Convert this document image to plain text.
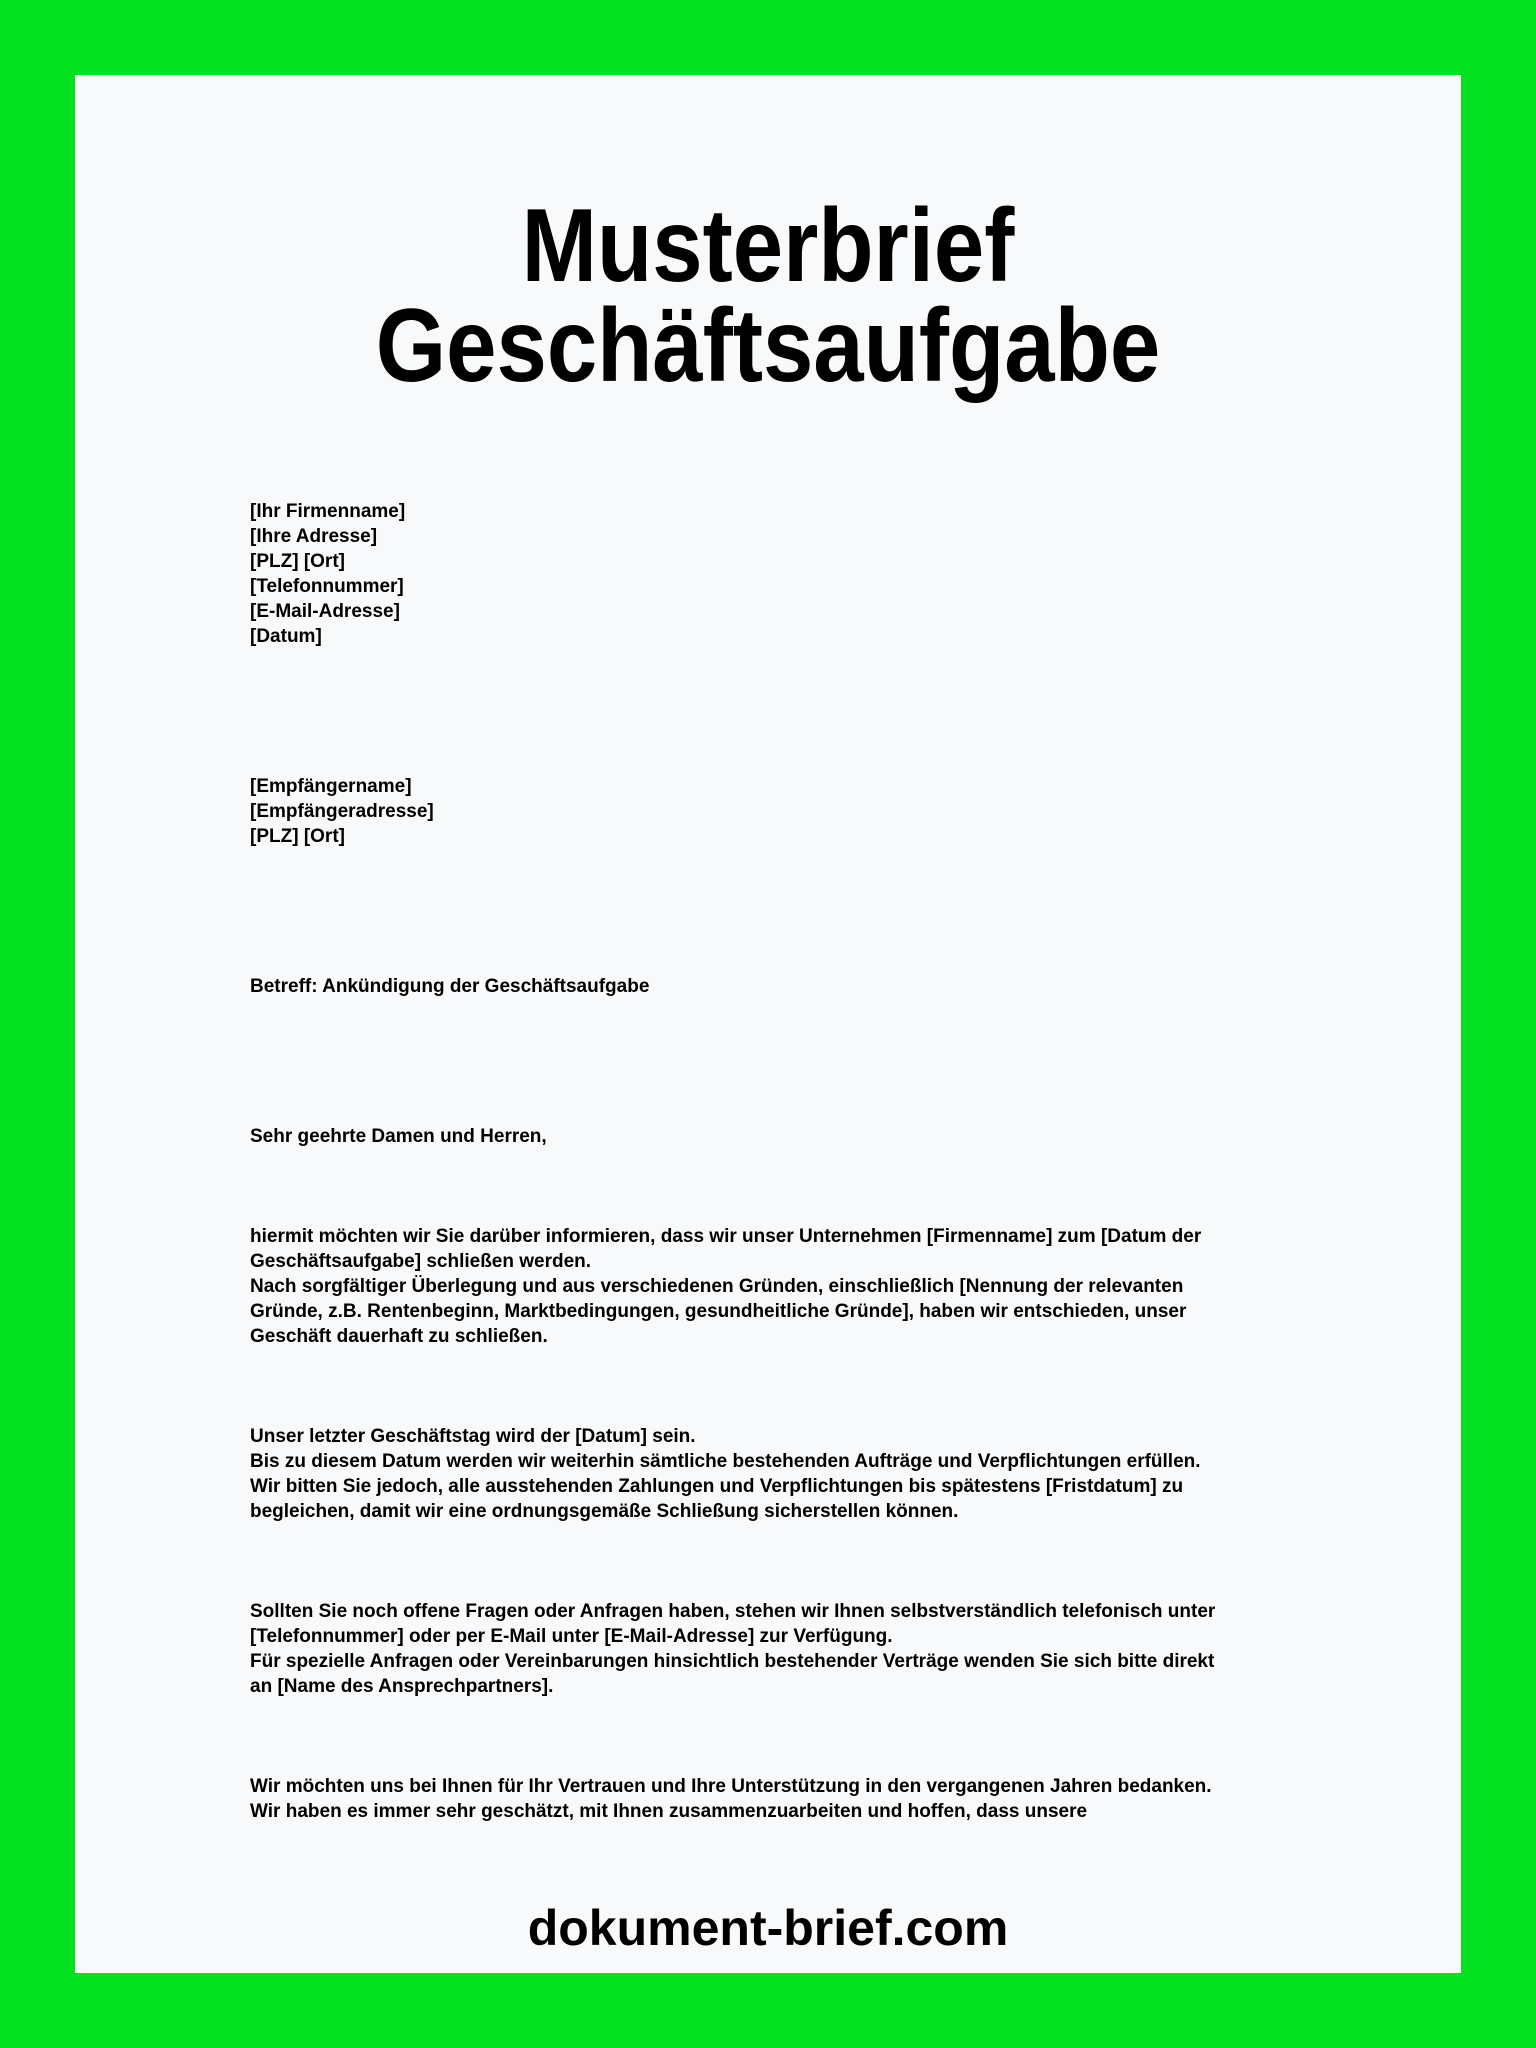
Musterbrief
Geschäftsaufgabe
[Ihr Firmenname]
[Ihre Adresse]
[PLZ] [Ort]
[Telefonnummer]
[E-Mail-Adresse]
[Datum]
[Empfängername]
[Empfängeradresse]
[PLZ] [Ort]
Betreff: Ankündigung der Geschäftsaufgabe
Sehr geehrte Damen und Herren,
hiermit möchten wir Sie darüber informieren, dass wir unser Unternehmen [Firmenname] zum [Datum der
Geschäftsaufgabe] schließen werden.
Nach sorgfältiger Überlegung und aus verschiedenen Gründen, einschließlich [Nennung der relevanten
Gründe, z.B. Rentenbeginn, Marktbedingungen, gesundheitliche Gründe], haben wir entschieden, unser
Geschäft dauerhaft zu schließen.
Unser letzter Geschäftstag wird der [Datum] sein.
Bis zu diesem Datum werden wir weiterhin sämtliche bestehenden Aufträge und Verpflichtungen erfüllen.
Wir bitten Sie jedoch, alle ausstehenden Zahlungen und Verpflichtungen bis spätestens [Fristdatum] zu
begleichen, damit wir eine ordnungsgemäße Schließung sicherstellen können.
Sollten Sie noch offene Fragen oder Anfragen haben, stehen wir Ihnen selbstverständlich telefonisch unter
[Telefonnummer] oder per E-Mail unter [E-Mail-Adresse] zur Verfügung.
Für spezielle Anfragen oder Vereinbarungen hinsichtlich bestehender Verträge wenden Sie sich bitte direkt
an [Name des Ansprechpartners].
Wir möchten uns bei Ihnen für Ihr Vertrauen und Ihre Unterstützung in den vergangenen Jahren bedanken.
Wir haben es immer sehr geschätzt, mit Ihnen zusammenzuarbeiten und hoffen, dass unsere
dokument-brief.com
